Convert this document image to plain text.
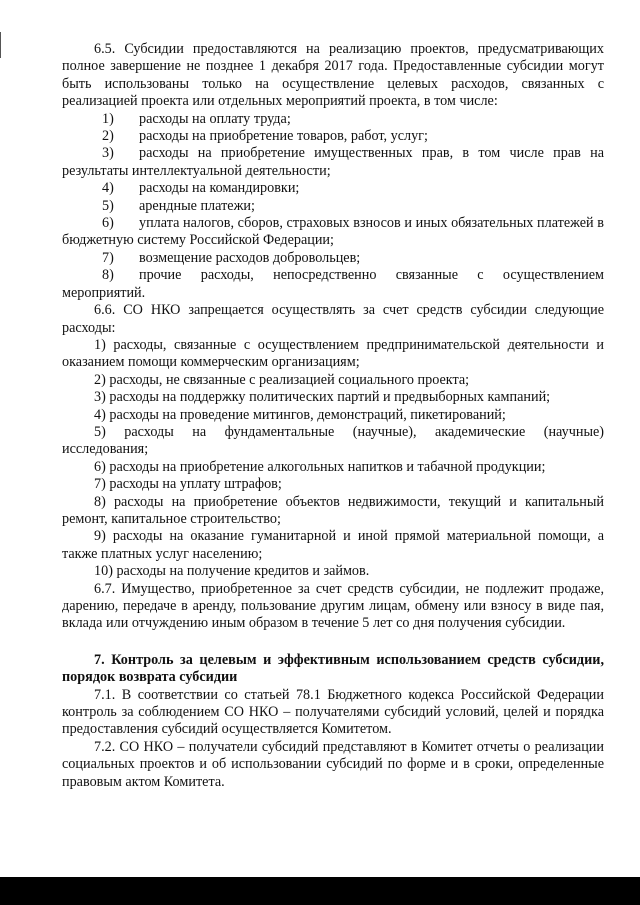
6.5. Субсидии предоставляются на реализацию проектов, предусматривающих полное завершение не позднее 1 декабря 2017 года. Предоставленные субсидии могут быть использованы только на осуществление целевых расходов, связанных с реализацией проекта или отдельных мероприятий проекта, в том числе:

1)	расходы на оплату труда;
2)	расходы на приобретение товаров, работ, услуг;

3) расходы на приобретение имущественных прав, в том числе прав на результаты интеллектуальной деятельности;

4)	расходы на командировки;
5)	арендные платежи;

6) уплата налогов, сборов, страховых взносов и иных обязательных платежей в бюджетную систему Российской Федерации;

7)	возмещение расходов добровольцев;

8) прочие расходы, непосредственно связанные с осуществлением мероприятий.

6.6. СО НКО запрещается осуществлять за счет средств субсидии следующие расходы:

1) расходы, связанные с осуществлением предпринимательской деятельности и оказанием помощи коммерческим организациям;

2) расходы, не связанные с реализацией социального проекта;

3) расходы на поддержку политических партий и предвыборных кампаний;

4) расходы на проведение митингов, демонстраций, пикетирований;

5) расходы на фундаментальные (научные), академические (научные) исследования;

6) расходы на приобретение алкогольных напитков и табачной продукции;

7) расходы на уплату штрафов;

8) расходы на приобретение объектов недвижимости, текущий и капитальный ремонт, капитальное строительство;

9) расходы на оказание гуманитарной и иной прямой материальной помощи, а также платных услуг населению;

10) расходы на получение кредитов и займов.

6.7. Имущество, приобретенное за счет средств субсидии, не подлежит продаже, дарению, передаче в аренду, пользование другим лицам, обмену или взносу в виде пая, вклада или отчуждению иным образом в течение 5 лет со дня получения субсидии.

7. Контроль за целевым и эффективным использованием средств субсидии, порядок возврата субсидии

7.1. В соответствии со статьей 78.1 Бюджетного кодекса Российской Федерации контроль за соблюдением СО НКО – получателями субсидий условий, целей и порядка предоставления субсидий осуществляется Комитетом.

7.2. СО НКО – получатели субсидий представляют в Комитет отчеты о реализации социальных проектов и об использовании субсидий по форме и в сроки, определенные правовым актом Комитета.
